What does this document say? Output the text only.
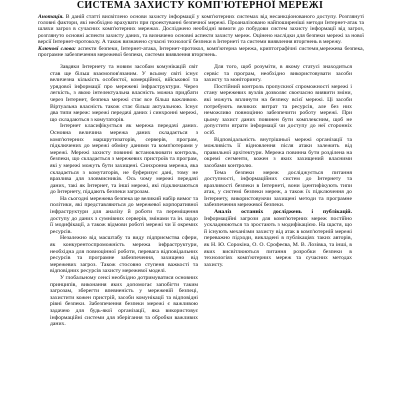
СИСТЕМА ЗАХИСТУ КОМП'ЮТЕРНОЇ МЕРЕЖІ
Анотація. В даній статті висвітлено основи захисту інформації у комп'ютерних системах від несанкціонованого доступу. Розглянуті головні фактори, які необхідно врахувати при проектуванні безпечної мережі. Проаналізовано найпоширеніші методи Інтернет-атак та шляхи загроз в сучасних комп'ютерних мережах. Досліджено необхідні вимоги до побудови систем захисту інформації від загроз, розглянуто основні аспекти захисту даних, та визначено основні аспекти захисту мереж. Оцінено наслідки для безпеки мережі за нової версії Інтернет-протоколу. А також визначено сучасні технології безпеки в Інтернеті та системи виявлення вторгнень в мережу.
Ключові слова: аспекти безпеки, Інтернет-атака, Інтернет-протокол, комп'ютерна мережа, криптографічні системи,мережева безпека, програмне забезпечення мережевої безпеки, системи виявлення вторгнень.

Завдяки Інтернету та новим засобам комунікацій світ став ще більш взаємопов'язаним. У всьому світі існує величезна кількість особистої, комерційної, військової та урядової інформації про мережеві інфраструктури. Через легкість, з якою інтелектуальна власність можна придбати через Інтернет, безпека мережі стає все більш важливою. Віртуальна власність також стає більш актуальною. Існує два типи мереж: мережі передачі даних і синхронні мережі, що складаються з комутаторів.

Інтернет класифікується як мережа передачі даних. Основна величина мережа даних складається з комп'ютерних маршрутизаторів, серверів, програм, підключених до мережі обміну даними та комп'ютерами у мережі. Мережі захисту повинні встановлювати контроль, безпеки, що складається з мережевих пристроїв та програм, які у мережі можуть бути захищені. Синхронна мережа, яка складається з комутаторів, не буферизує дані, тому не вразлива для зловмисників. Ось чому мережі передачі даних, такі як Інтернет, та інші мережі, які підключаються до Інтернету, піддають безпеки загрозам.

На сьогодні мережева безпека це великий набір вимог та політики, які представляються до мережевої корпоративної інфраструктури для аналізу й роботи та переміщення доступу до даних з сумнівних серверів, змінами та ін. щодо її модифікації, а також відмови роботі мережі чи її окремих ресурсів.

Незалежно від масштабу та виду підприємства сфери, як конкурентоспроможність мережа інфраструктури, необхідна для повноцінної роботи, перевага відповідальних ресурсів та програмне забезпечення, захищено від мережевих загроз. Також стосовно ступеня важкості та відповідних ресурсів захисту мережевої моделі.

У глобальному сенсі необхідно дотримуватися основних принципів, виконання яких допомогає запобігти таким загрозам, зберегти впевненість у мережевій безпеці, захистити кожен пристрій, засоби комунікації та відповідні рівні безпеки. Забезпечення безпеки мережі є важливою задачею для будь-якої організації, яка використовує інформаційні системи для зберігання та обробки важливих даних.

Для того, щоб розуміти, в якому статусі знаходиться сервіс та програм, необхідно використовувати засоби захисту та моніторингу.

Постійний контроль пропускної спроможності мережі і стану мережевих вузлів дозволяє своєчасно виявити зміни, які можуть вплинути на безпеку всієї мережі. Ці засоби потребують великих витрат та ресурсів, але без них неможливо повноцінно забезпечити роботу мережі. При цьому захист даних повинен бути комплексним, щоб не допустити втрати інформації чи доступу до неї сторонніх осіб.

Відповідальність внутрішньої мережі організації та можливість її відновлення після атаки залежить від правильної архітектури. Мережа повинна бути розділена на окремі сегменти, кожен з яких захищений власними засобами контролю.

Тема безпеки мереж досліджується питання доступності, інформаційних систем до Інтернету та вразливості безпеки в Інтернеті, вони ідентифікують типи атак, у системі безпеки мереж, а також їх підключення до Інтернету, використовуючи захищені методи та програмне забезпечення мережевої безпеки.

Аналіз останніх досліджень і публікацій. Інформаційні загрози для комп'ютерних мереж постійно ускладнюються та зростають з модифікацією. На щастя, що й існують механізми захисту від атак в комп'ютерній мережі переважно підходи, викладені в публікаціях таких авторів, як Н. Ю. Сорокіна, О. О. Срофеєва, М. В. Лозівка, та інші, в яких висвітлюються питання розробки безпеки в технологіях комп'ютерних мереж та сучасних методах захисту.
